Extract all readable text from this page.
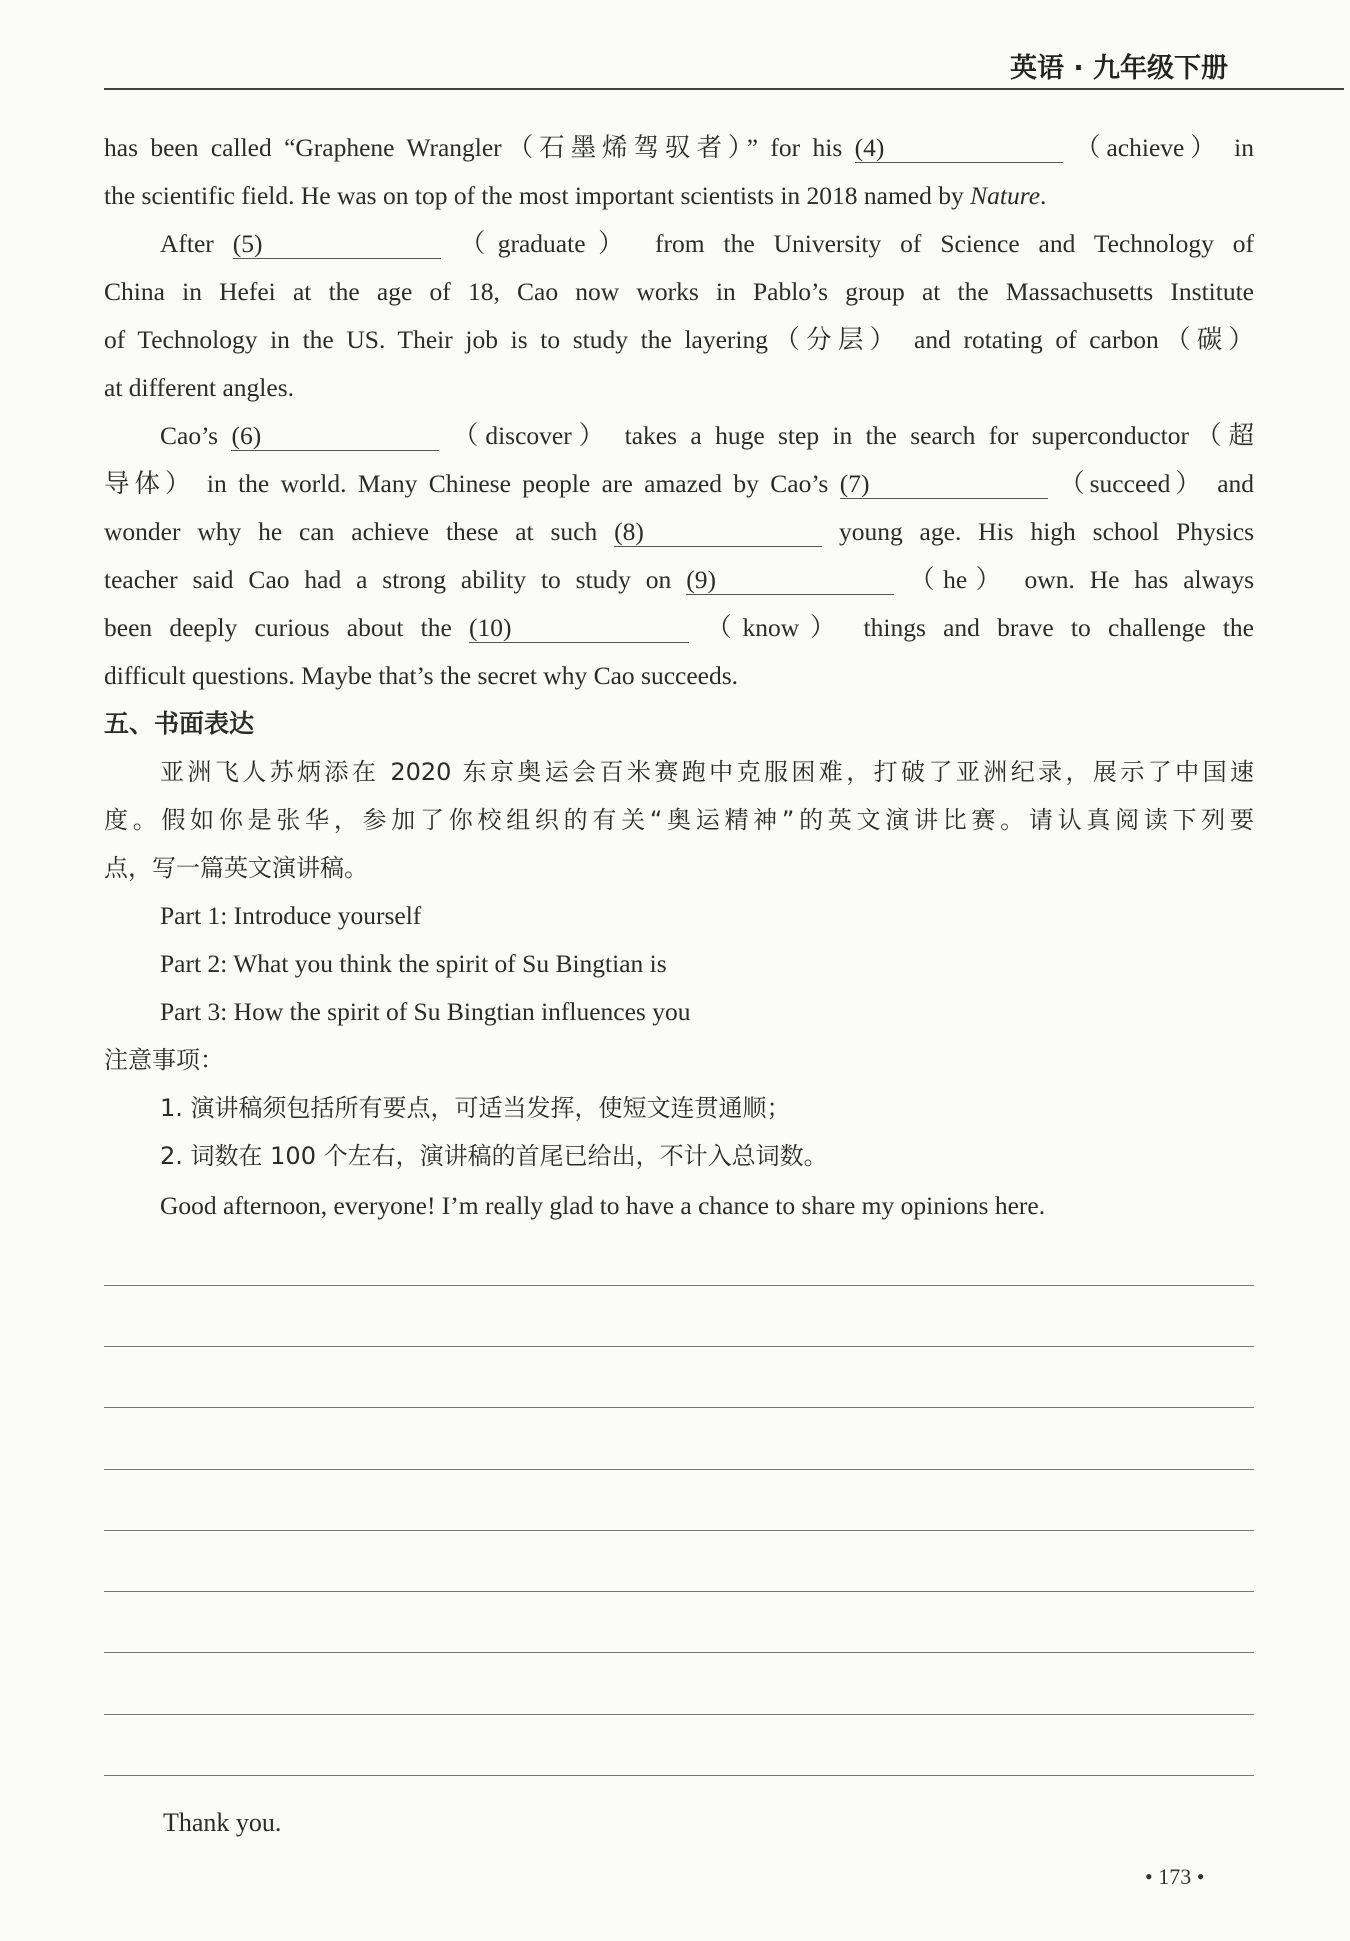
英语 · 九年级下册
has been called “Graphene Wrangler（石墨烯驾驭者）” for his (4)	（achieve） in
the scientific field. He was on top of the most important scientists in 2018 named by Nature.
After (5)	（graduate） from the University of Science and Technology of
China in Hefei at the age of 18, Cao now works in Pablo’s group at the Massachusetts Institute
of Technology in the US. Their job is to study the layering（分层） and rotating of carbon（碳）
at different angles.
Cao’s (6)	（discover） takes a huge step in the search for superconductor（超
导体） in the world. Many Chinese people are amazed by Cao’s (7)	（succeed） and
wonder why he can achieve these at such (8)	young age. His high school Physics
teacher said Cao had a strong ability to study on (9)	（he） own. He has always
been deeply curious about the (10)	（know） things and brave to challenge the
difficult questions. Maybe that’s the secret why Cao succeeds.
五、书面表达
亚洲飞人苏炳添在 2020 东京奥运会百米赛跑中克服困难，打破了亚洲纪录，展示了中国速
度。假如你是张华，参加了你校组织的有关“奥运精神”的英文演讲比赛。请认真阅读下列要
点，写一篇英文演讲稿。
Part 1: Introduce yourself
Part 2: What you think the spirit of Su Bingtian is
Part 3: How the spirit of Su Bingtian influences you
注意事项：
1. 演讲稿须包括所有要点，可适当发挥，使短文连贯通顺；
2. 词数在 100 个左右，演讲稿的首尾已给出，不计入总词数。
Good afternoon, everyone! I’m really glad to have a chance to share my opinions here.
Thank you.
• 173 •
